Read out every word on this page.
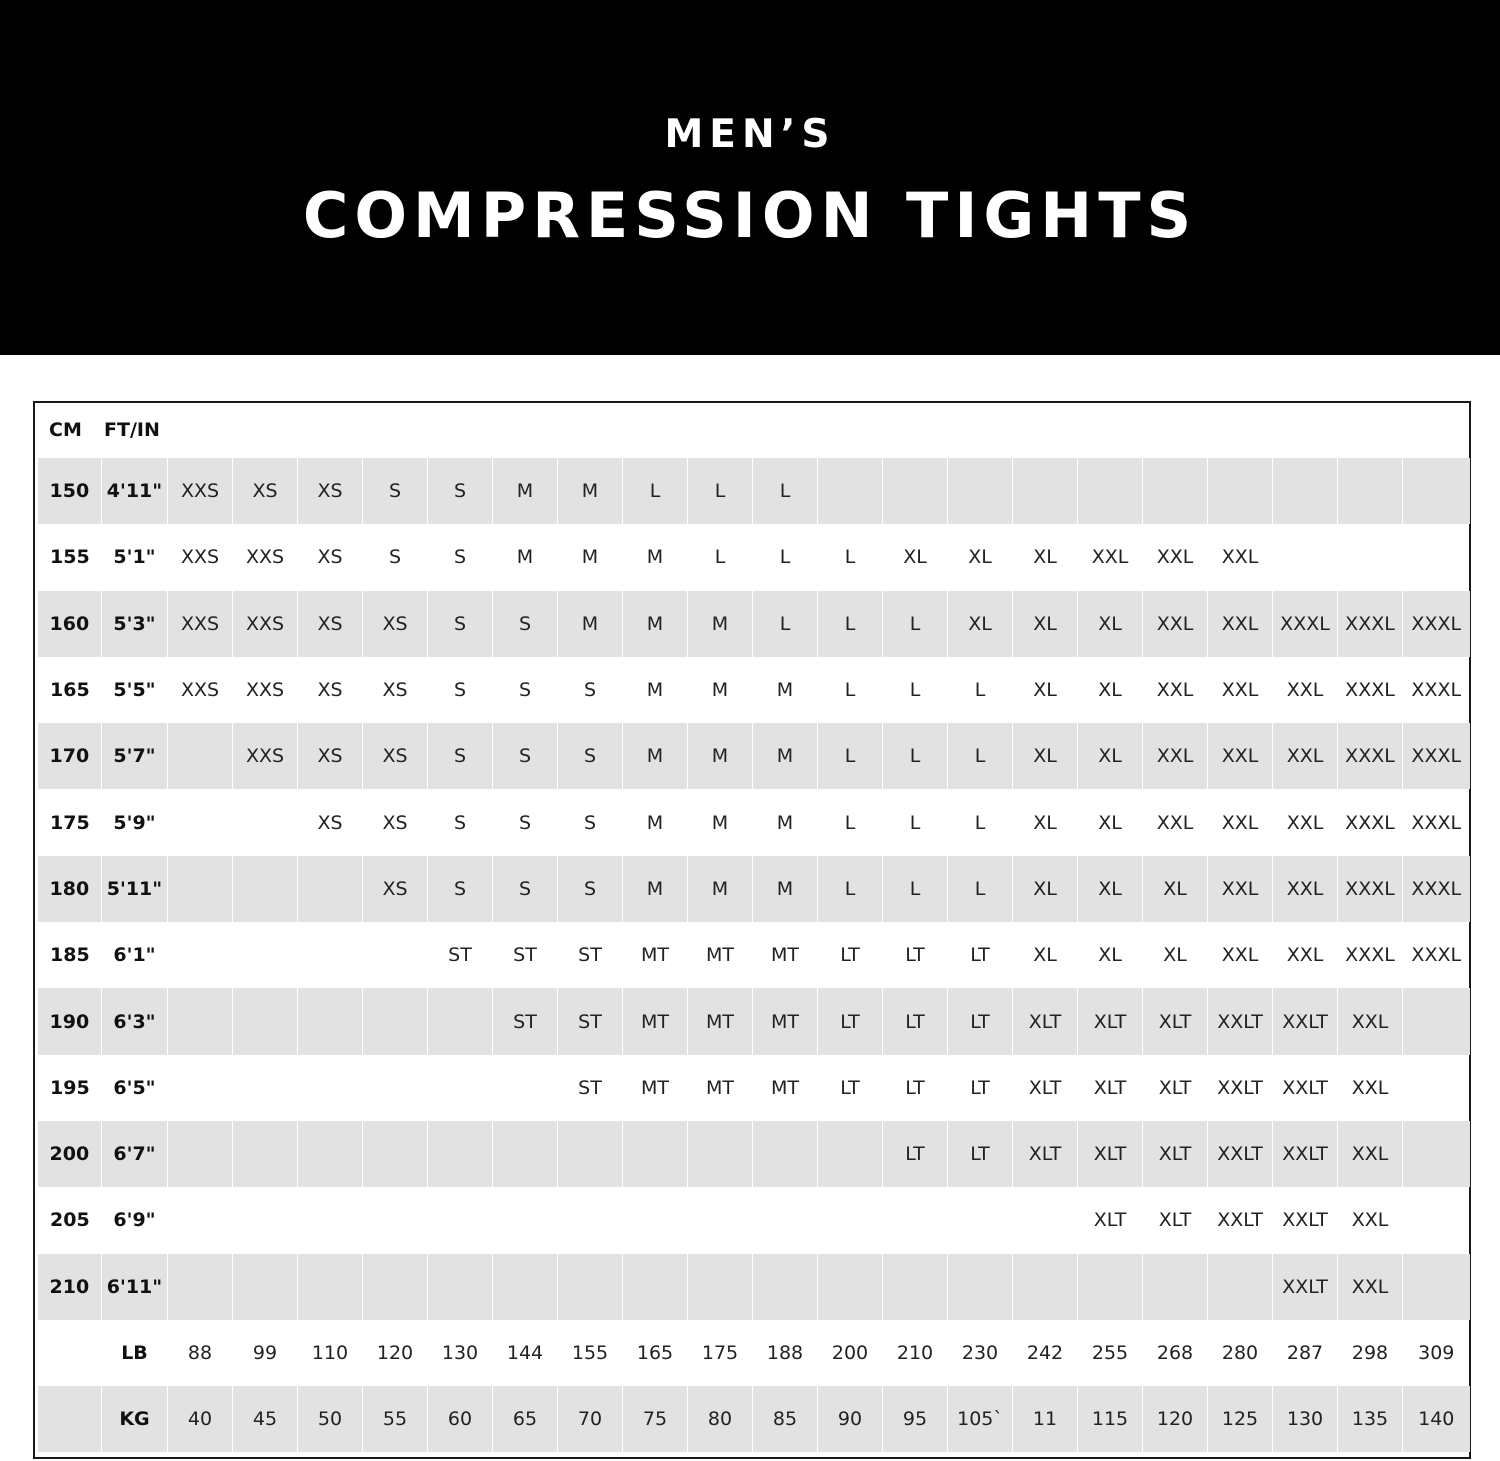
MEN’S
COMPRESSION TIGHTS
CM FT/IN
150	4'11"	XXS	XS	XS	S	S	M	M	L	L	L										
155	5'1"	XXS	XXS	XS	S	S	M	M	M	L	L	L	XL	XL	XL	XXL	XXL	XXL			
160	5'3"	XXS	XXS	XS	XS	S	S	M	M	M	L	L	L	XL	XL	XL	XXL	XXL	XXXL	XXXL	XXXL
165	5'5"	XXS	XXS	XS	XS	S	S	S	M	M	M	L	L	L	XL	XL	XXL	XXL	XXL	XXXL	XXXL
170	5'7"		XXS	XS	XS	S	S	S	M	M	M	L	L	L	XL	XL	XXL	XXL	XXL	XXXL	XXXL
175	5'9"			XS	XS	S	S	S	M	M	M	L	L	L	XL	XL	XXL	XXL	XXL	XXXL	XXXL
180	5'11"				XS	S	S	S	M	M	M	L	L	L	XL	XL	XL	XXL	XXL	XXXL	XXXL
185	6'1"					ST	ST	ST	MT	MT	MT	LT	LT	LT	XL	XL	XL	XXL	XXL	XXXL	XXXL
190	6'3"						ST	ST	MT	MT	MT	LT	LT	LT	XLT	XLT	XLT	XXLT	XXLT	XXL	
195	6'5"							ST	MT	MT	MT	LT	LT	LT	XLT	XLT	XLT	XXLT	XXLT	XXL	
200	6'7"												LT	LT	XLT	XLT	XLT	XXLT	XXLT	XXL	
205	6'9"															XLT	XLT	XXLT	XXLT	XXL	
210	6'11"																		XXLT	XXL	
	LB	88	99	110	120	130	144	155	165	175	188	200	210	230	242	255	268	280	287	298	309
	KG	40	45	50	55	60	65	70	75	80	85	90	95	105`	11	115	120	125	130	135	140
